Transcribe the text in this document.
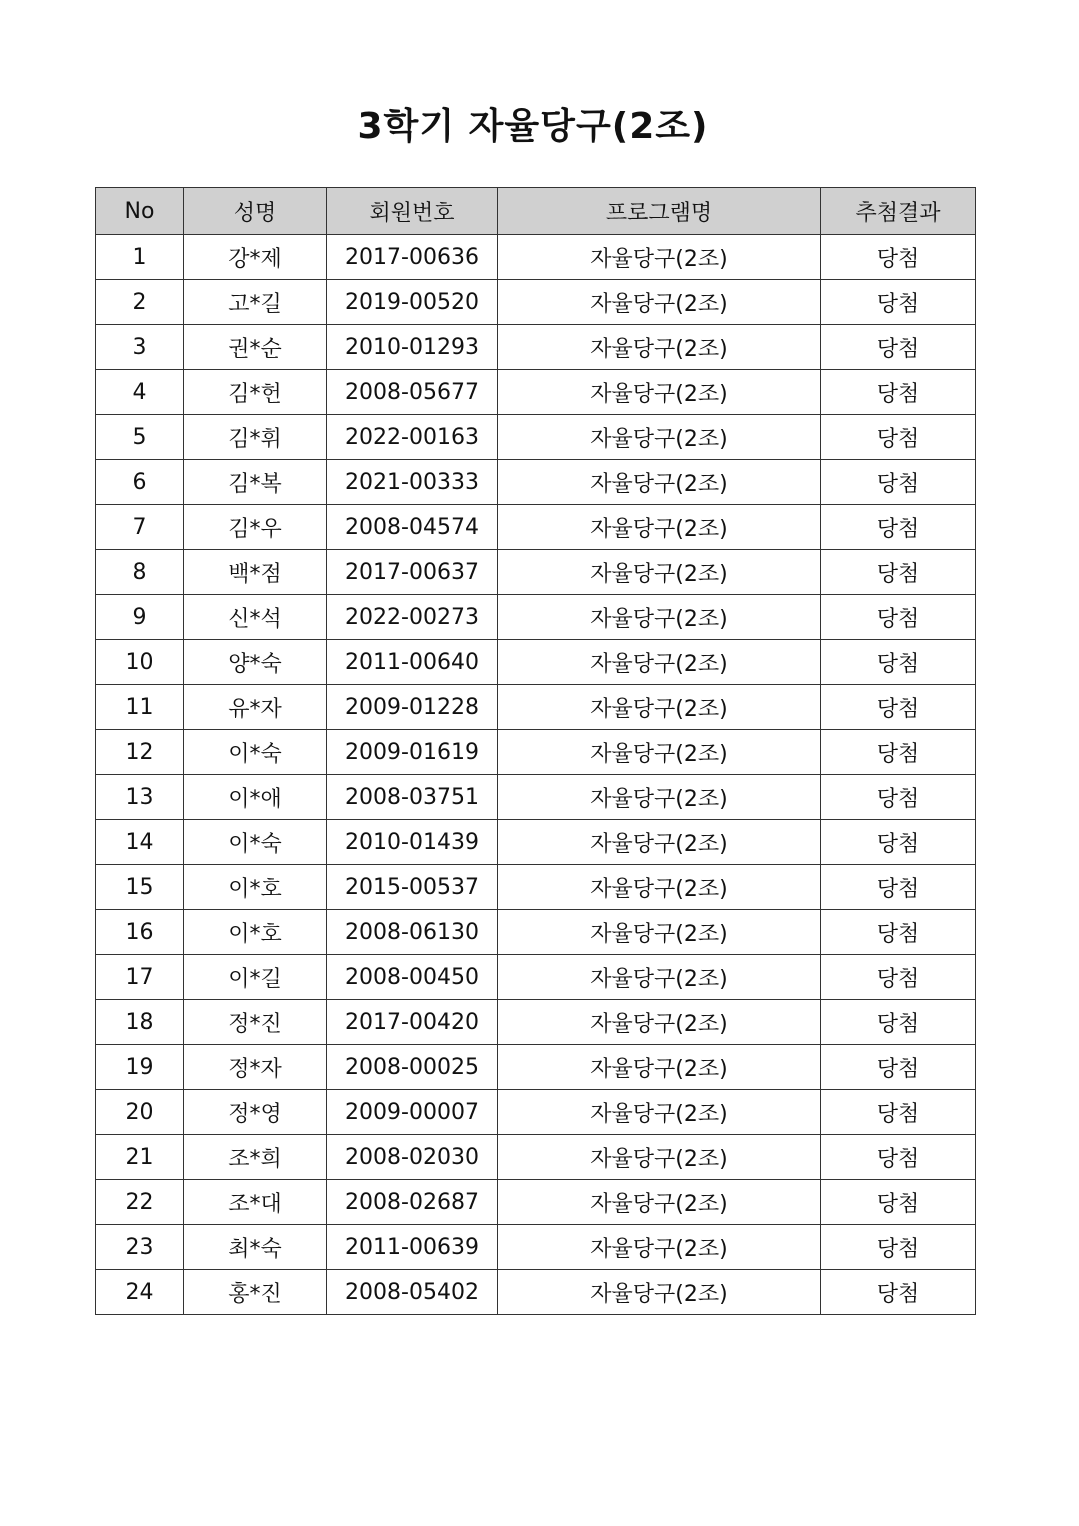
3학기 자율당구(2조)
No	성명	회원번호	프로그램명	추첨결과
1	강*제	2017-00636	자율당구(2조)	당첨
2	고*길	2019-00520	자율당구(2조)	당첨
3	권*순	2010-01293	자율당구(2조)	당첨
4	김*헌	2008-05677	자율당구(2조)	당첨
5	김*휘	2022-00163	자율당구(2조)	당첨
6	김*복	2021-00333	자율당구(2조)	당첨
7	김*우	2008-04574	자율당구(2조)	당첨
8	백*점	2017-00637	자율당구(2조)	당첨
9	신*석	2022-00273	자율당구(2조)	당첨
10	양*숙	2011-00640	자율당구(2조)	당첨
11	유*자	2009-01228	자율당구(2조)	당첨
12	이*숙	2009-01619	자율당구(2조)	당첨
13	이*애	2008-03751	자율당구(2조)	당첨
14	이*숙	2010-01439	자율당구(2조)	당첨
15	이*호	2015-00537	자율당구(2조)	당첨
16	이*호	2008-06130	자율당구(2조)	당첨
17	이*길	2008-00450	자율당구(2조)	당첨
18	정*진	2017-00420	자율당구(2조)	당첨
19	정*자	2008-00025	자율당구(2조)	당첨
20	정*영	2009-00007	자율당구(2조)	당첨
21	조*희	2008-02030	자율당구(2조)	당첨
22	조*대	2008-02687	자율당구(2조)	당첨
23	최*숙	2011-00639	자율당구(2조)	당첨
24	홍*진	2008-05402	자율당구(2조)	당첨
